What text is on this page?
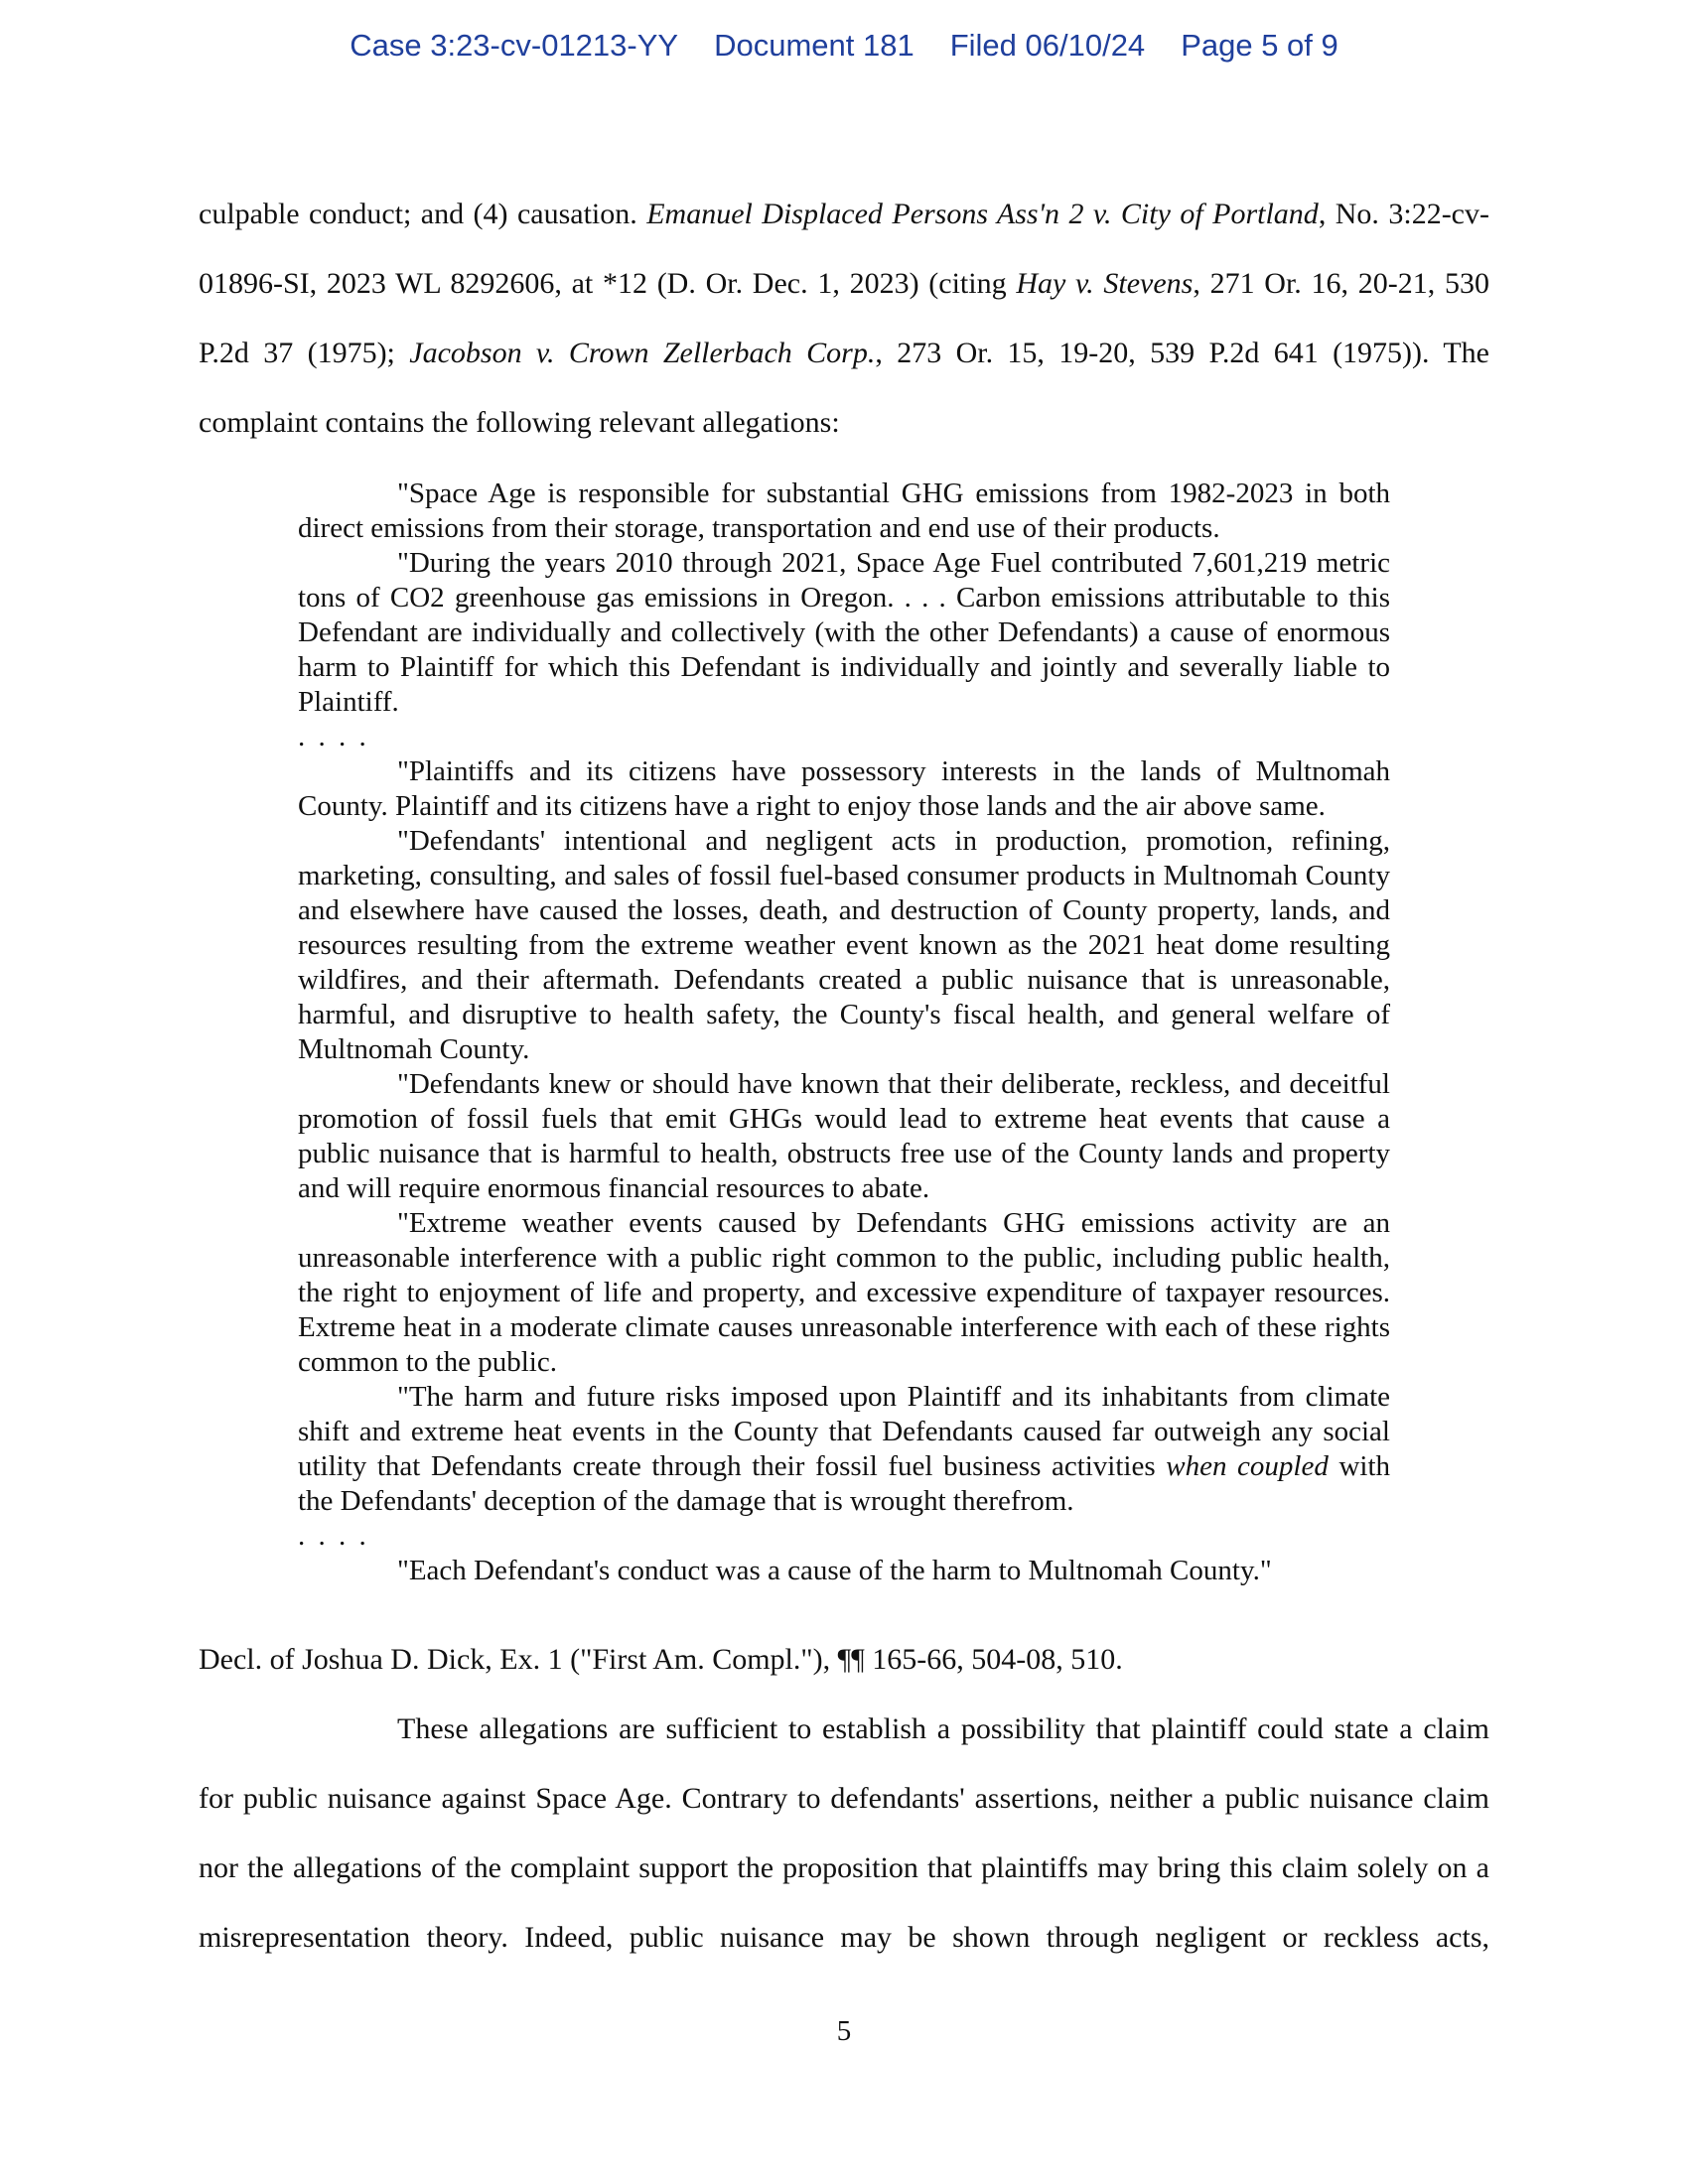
Case 3:23-cv-01213-YY Document 181 Filed 06/10/24 Page 5 of 9

culpable conduct; and (4) causation. Emanuel Displaced Persons Ass'n 2 v. City of Portland, No. 3:22-cv-01896-SI, 2023 WL 8292606, at *12 (D. Or. Dec. 1, 2023) (citing Hay v. Stevens, 271 Or. 16, 20-21, 530 P.2d 37 (1975); Jacobson v. Crown Zellerbach Corp., 273 Or. 15, 19-20, 539 P.2d 641 (1975)). The complaint contains the following relevant allegations:

"Space Age is responsible for substantial GHG emissions from 1982-2023 in both direct emissions from their storage, transportation and end use of their products.

"During the years 2010 through 2021, Space Age Fuel contributed 7,601,219 metric tons of CO2 greenhouse gas emissions in Oregon. . . . Carbon emissions attributable to this Defendant are individually and collectively (with the other Defendants) a cause of enormous harm to Plaintiff for which this Defendant is individually and jointly and severally liable to Plaintiff.

. . . .

"Plaintiffs and its citizens have possessory interests in the lands of Multnomah County. Plaintiff and its citizens have a right to enjoy those lands and the air above same.

"Defendants' intentional and negligent acts in production, promotion, refining, marketing, consulting, and sales of fossil fuel-based consumer products in Multnomah County and elsewhere have caused the losses, death, and destruction of County property, lands, and resources resulting from the extreme weather event known as the 2021 heat dome resulting wildfires, and their aftermath. Defendants created a public nuisance that is unreasonable, harmful, and disruptive to health safety, the County's fiscal health, and general welfare of Multnomah County.

"Defendants knew or should have known that their deliberate, reckless, and deceitful promotion of fossil fuels that emit GHGs would lead to extreme heat events that cause a public nuisance that is harmful to health, obstructs free use of the County lands and property and will require enormous financial resources to abate.

"Extreme weather events caused by Defendants GHG emissions activity are an unreasonable interference with a public right common to the public, including public health, the right to enjoyment of life and property, and excessive expenditure of taxpayer resources. Extreme heat in a moderate climate causes unreasonable interference with each of these rights common to the public.

"The harm and future risks imposed upon Plaintiff and its inhabitants from climate shift and extreme heat events in the County that Defendants caused far outweigh any social utility that Defendants create through their fossil fuel business activities when coupled with the Defendants' deception of the damage that is wrought therefrom.

. . . .

"Each Defendant's conduct was a cause of the harm to Multnomah County."

Decl. of Joshua D. Dick, Ex. 1 ("First Am. Compl."), ¶¶ 165-66, 504-08, 510.

These allegations are sufficient to establish a possibility that plaintiff could state a claim for public nuisance against Space Age. Contrary to defendants' assertions, neither a public nuisance claim nor the allegations of the complaint support the proposition that plaintiffs may bring this claim solely on a misrepresentation theory. Indeed, public nuisance may be shown through negligent or reckless acts,

5
